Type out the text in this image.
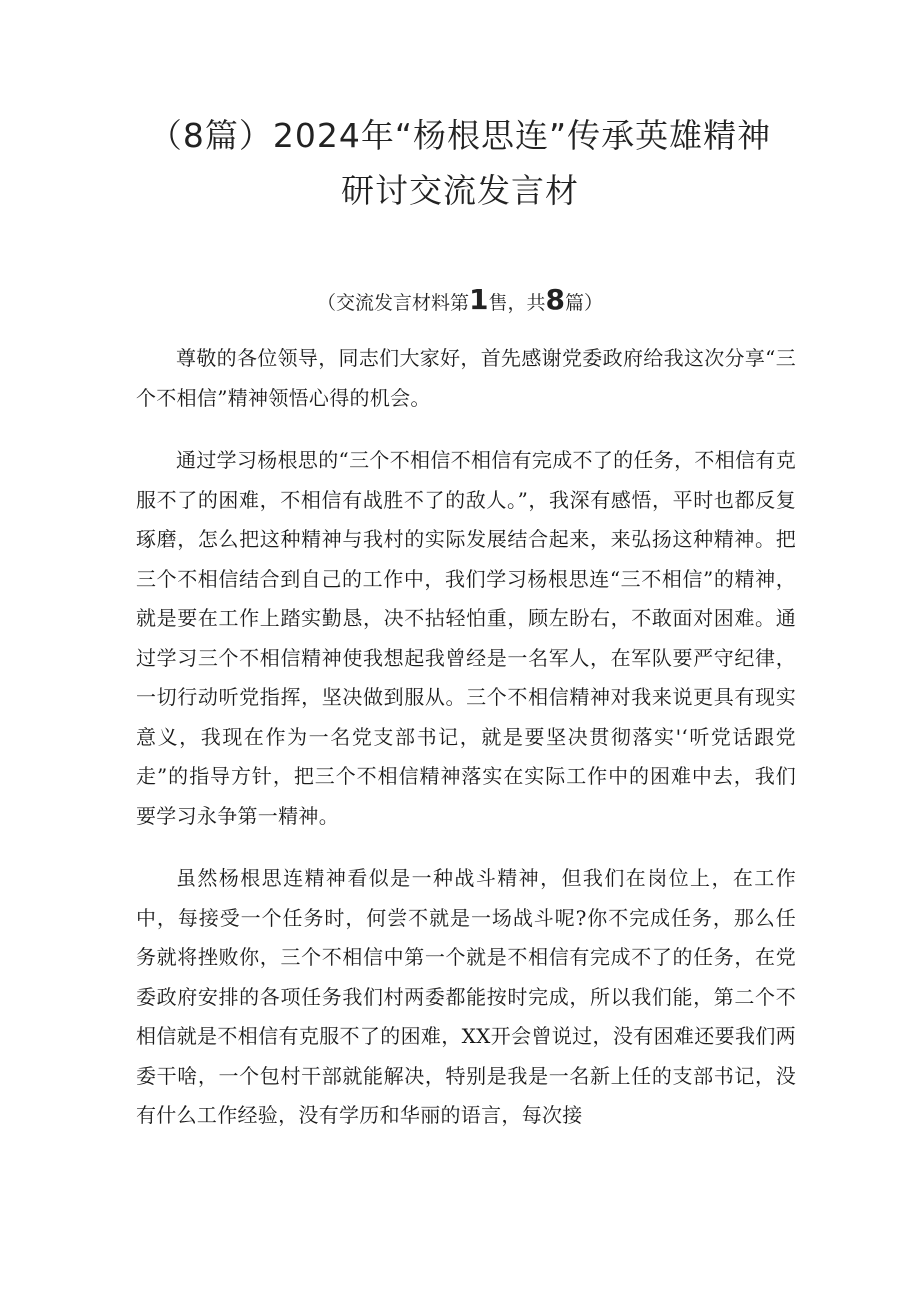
（8篇）2024年“杨根思连”传承英雄精神
研讨交流发言材
（交流发言材料第1售，共8篇）

尊敬的各位领导，同志们大家好，首先感谢党委政府给我这次分享“三个不相信”精神领悟心得的机会。

通过学习杨根思的“三个不相信不相信有完成不了的任务，不相信有克服不了的困难，不相信有战胜不了的敌人。”，我深有感悟，平时也都反复琢磨，怎么把这种精神与我村的实际发展结合起来，来弘扬这种精神。把三个不相信结合到自己的工作中，我们学习杨根思连“三不相信”的精神，就是要在工作上踏实勤恳，决不拈轻怕重，顾左盼右，不敢面对困难。通过学习三个不相信精神使我想起我曾经是一名军人，在军队要严守纪律，一切行动听党指挥，坚决做到服从。三个不相信精神对我来说更具有现实意义，我现在作为一名党支部书记，就是要坚决贯彻落实'‘听党话跟党走”的指导方针，把三个不相信精神落实在实际工作中的困难中去，我们要学习永争第一精神。

虽然杨根思连精神看似是一种战斗精神，但我们在岗位上，在工作中，每接受一个任务时，何尝不就是一场战斗呢?你不完成任务，那么任务就将挫败你，三个不相信中第一个就是不相信有完成不了的任务，在党委政府安排的各项任务我们村两委都能按时完成，所以我们能，第二个不相信就是不相信有克服不了的困难，XX开会曾说过，没有困难还要我们两委干啥，一个包村干部就能解决，特别是我是一名新上任的支部书记，没有什么工作经验，没有学历和华丽的语言，每次接
